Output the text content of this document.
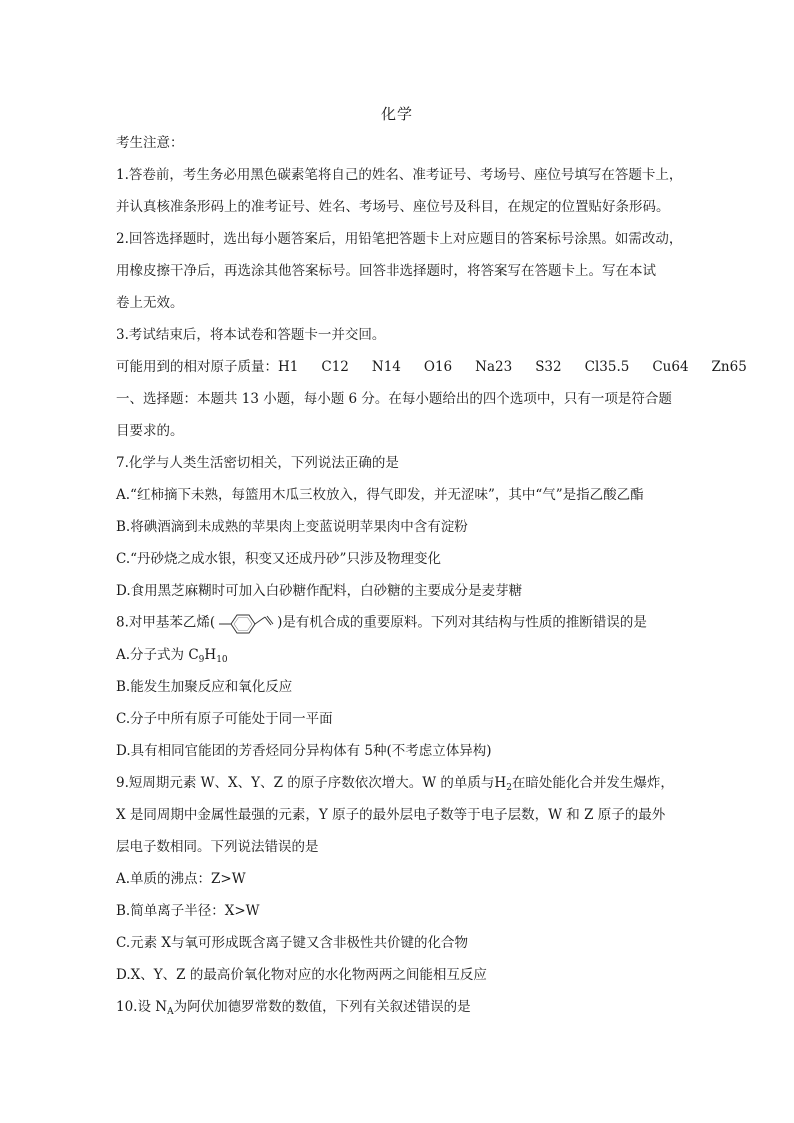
化学
考生注意：
1.答卷前，考生务必用黑色碳素笔将自己的姓名、准考证号、考场号、座位号填写在答题卡上，
并认真核准条形码上的准考证号、姓名、考场号、座位号及科目，在规定的位置贴好条形码。
2.回答选择题时，选出每小题答案后，用铅笔把答题卡上对应题目的答案标号涂黑。如需改动，
用橡皮擦干净后，再选涂其他答案标号。回答非选择题时，将答案写在答题卡上。写在本试
卷上无效。
3.考试结束后，将本试卷和答题卡一并交回。
可能用到的相对原子质量： H1 C12 N14 O16 Na23 S32 Cl35.5 Cu64 Zn65
一、选择题：本题共 13 小题，每小题 6 分。在每小题给出的四个选项中，只有一项是符合题
目要求的。
7.化学与人类生活密切相关，下列说法正确的是
A.“红柿摘下未熟，每篮用木瓜三枚放入，得气即发，并无涩味”，其中“气”是指乙酸乙酯
B.将碘酒滴到未成熟的苹果肉上变蓝说明苹果肉中含有淀粉
C.“丹砂烧之成水银，积变又还成丹砂”只涉及物理变化
D.食用黑芝麻糊时可加入白砂糖作配料，白砂糖的主要成分是麦芽糖
8.对甲基苯乙烯(	)是有机合成的重要原料。下列对其结构与性质的推断错误的是
A.分子式为 $C_9H_{10}$
B.能发生加聚反应和氧化反应
C.分子中所有原子可能处于同一平面
D.具有相同官能团的芳香烃同分异构体有 5种(不考虑立体异构)
9.短周期元素 W、X、Y、Z 的原子序数依次增大。W 的单质与$H_2$在暗处能化合并发生爆炸，
X 是同周期中金属性最强的元素，Y 原子的最外层电子数等于电子层数，W 和 Z 原子的最外
层电子数相同。下列说法错误的是
A.单质的沸点：Z>W
B.简单离子半径：X>W
C.元素 X与氧可形成既含离子键又含非极性共价键的化合物
D.X、Y、Z 的最高价氧化物对应的水化物两两之间能相互反应
10.设 $N_A$为阿伏加德罗常数的数值，下列有关叙述错误的是
